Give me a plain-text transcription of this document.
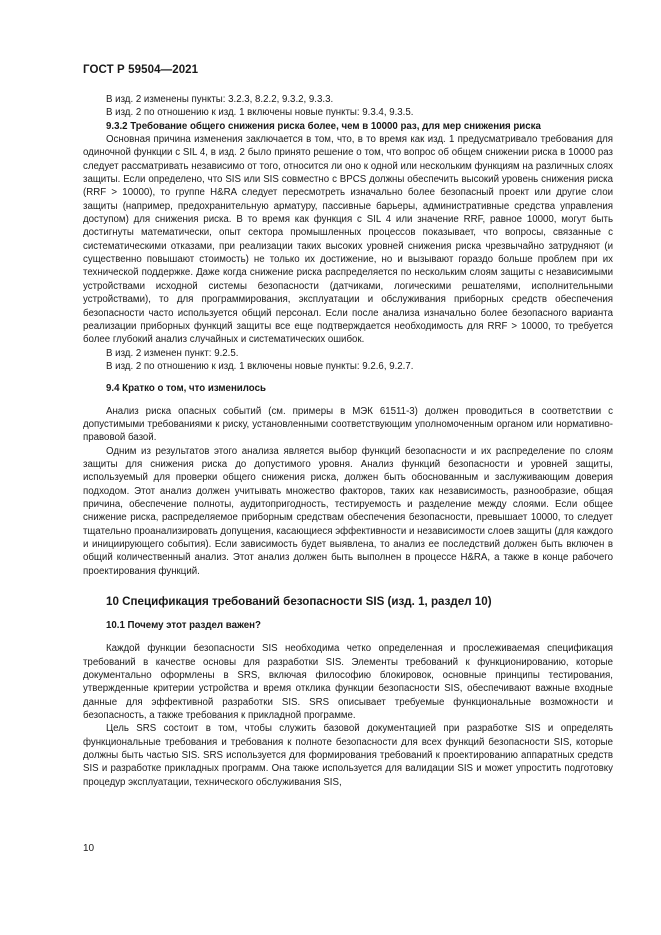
ГОСТ Р 59504—2021

В изд. 2 изменены пункты: 3.2.3, 8.2.2, 9.3.2, 9.3.3.

В изд. 2 по отношению к изд. 1 включены новые пункты: 9.3.4, 9.3.5.

9.3.2 Требование общего снижения риска более, чем в 10000 раз, для мер снижения риска

Основная причина изменения заключается в том, что, в то время как изд. 1 предусматривало требования для одиночной функции с SIL 4, в изд. 2 было принято решение о том, что вопрос об общем снижении риска в 10000 раз следует рассматривать независимо от того, относится ли оно к одной или нескольким функциям на различных слоях защиты. Если определено, что SIS или SIS совместно с BPCS должны обеспечить высокий уровень снижения риска (RRF > 10000), то группе H&RA следует пересмотреть изначально более безопасный проект или другие слои защиты (например, предохранительную арматуру, пассивные барьеры, административные средства управления доступом) для снижения риска. В то время как функция с SIL 4 или значение RRF, равное 10000, могут быть достигнуты математически, опыт сектора промышленных процессов показывает, что вопросы, связанные с систематическими отказами, при реализации таких высоких уровней снижения риска чрезвычайно затрудняют (и существенно повышают стоимость) не только их достижение, но и вызывают гораздо больше проблем при их технической поддержке. Даже когда снижение риска распределяется по нескольким слоям защиты с независимыми устройствами исходной системы безопасности (датчиками, логическими решателями, исполнительными устройствами), то для программирования, эксплуатации и обслуживания приборных средств обеспечения безопасности часто используется общий персонал. Если после анализа изначально более безопасного варианта реализации приборных функций защиты все еще подтверждается необходимость для RRF > 10000, то требуется более глубокий анализ случайных и систематических ошибок.

В изд. 2 изменен пункт: 9.2.5.

В изд. 2 по отношению к изд. 1 включены новые пункты: 9.2.6, 9.2.7.

9.4 Кратко о том, что изменилось

Анализ риска опасных событий (см. примеры в МЭК 61511-3) должен проводиться в соответствии с допустимыми требованиями к риску, установленными соответствующим уполномоченным органом или нормативно-правовой базой.

Одним из результатов этого анализа является выбор функций безопасности и их распределение по слоям защиты для снижения риска до допустимого уровня. Анализ функций безопасности и уровней защиты, используемый для проверки общего снижения риска, должен быть обоснованным и заслуживающим доверия подходом. Этот анализ должен учитывать множество факторов, таких как независимость, разнообразие, общая причина, обеспечение полноты, аудитопригодность, тестируемость и разделение между слоями. Если общее снижение риска, распределяемое приборным средствам обеспечения безопасности, превышает 10000, то следует тщательно проанализировать допущения, касающиеся эффективности и независимости слоев защиты (для каждого и инициирующего события). Если зависимость будет выявлена, то анализ ее последствий должен быть включен в общий количественный анализ. Этот анализ должен быть выполнен в процессе H&RA, а также в конце рабочего проектирования функций.

10 Спецификация требований безопасности SIS (изд. 1, раздел 10)

10.1 Почему этот раздел важен?

Каждой функции безопасности SIS необходима четко определенная и прослеживаемая спецификация требований в качестве основы для разработки SIS. Элементы требований к функционированию, которые документально оформлены в SRS, включая философию блокировок, основные принципы тестирования, утвержденные критерии устройства и время отклика функции безопасности SIS, обеспечивают важные входные данные для эффективной разработки SIS. SRS описывает требуемые функциональные возможности и безопасность, а также требования к прикладной программе.

Цель SRS состоит в том, чтобы служить базовой документацией при разработке SIS и определять функциональные требования и требования к полноте безопасности для всех функций безопасности SIS, которые должны быть частью SIS. SRS используется для формирования требований к проектированию аппаратных средств SIS и разработке прикладных программ. Она также используется для валидации SIS и может упростить подготовку процедур эксплуатации, технического обслуживания SIS,

10
